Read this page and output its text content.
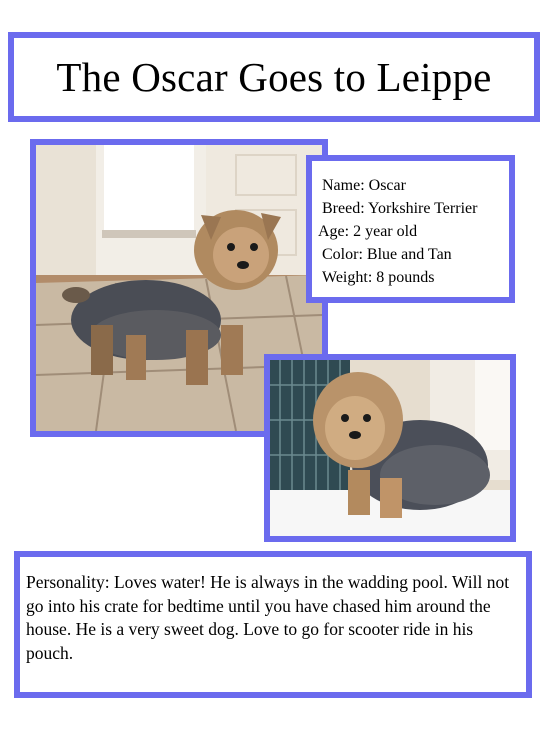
The Oscar Goes to Leippe
Name: Oscar
Breed: Yorkshire Terrier
Age: 2 year old
Color: Blue and Tan
Weight: 8 pounds
Personality: Loves water! He is always in the wadding pool. Will not go into his crate for bedtime until you have chased him around the house. He is a very sweet dog. Love to go for scooter ride in his pouch.
